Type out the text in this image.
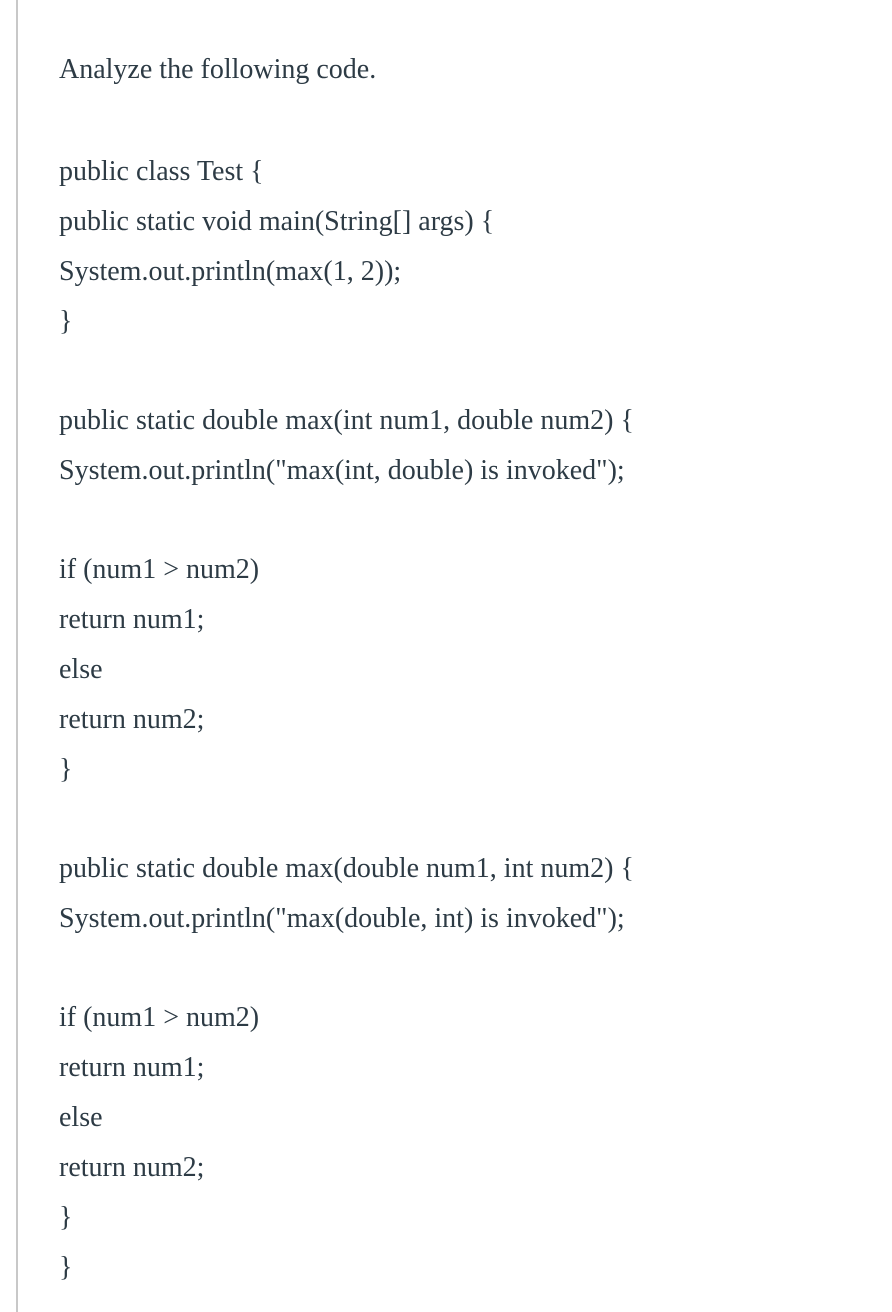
Analyze the following code.
public class Test {
public static void main(String[] args) {
System.out.println(max(1, 2));
}
public static double max(int num1, double num2) {
System.out.println("max(int, double) is invoked");
if (num1 > num2)
return num1;
else
return num2;
}
public static double max(double num1, int num2) {
System.out.println("max(double, int) is invoked");
if (num1 > num2)
return num1;
else
return num2;
}
}
